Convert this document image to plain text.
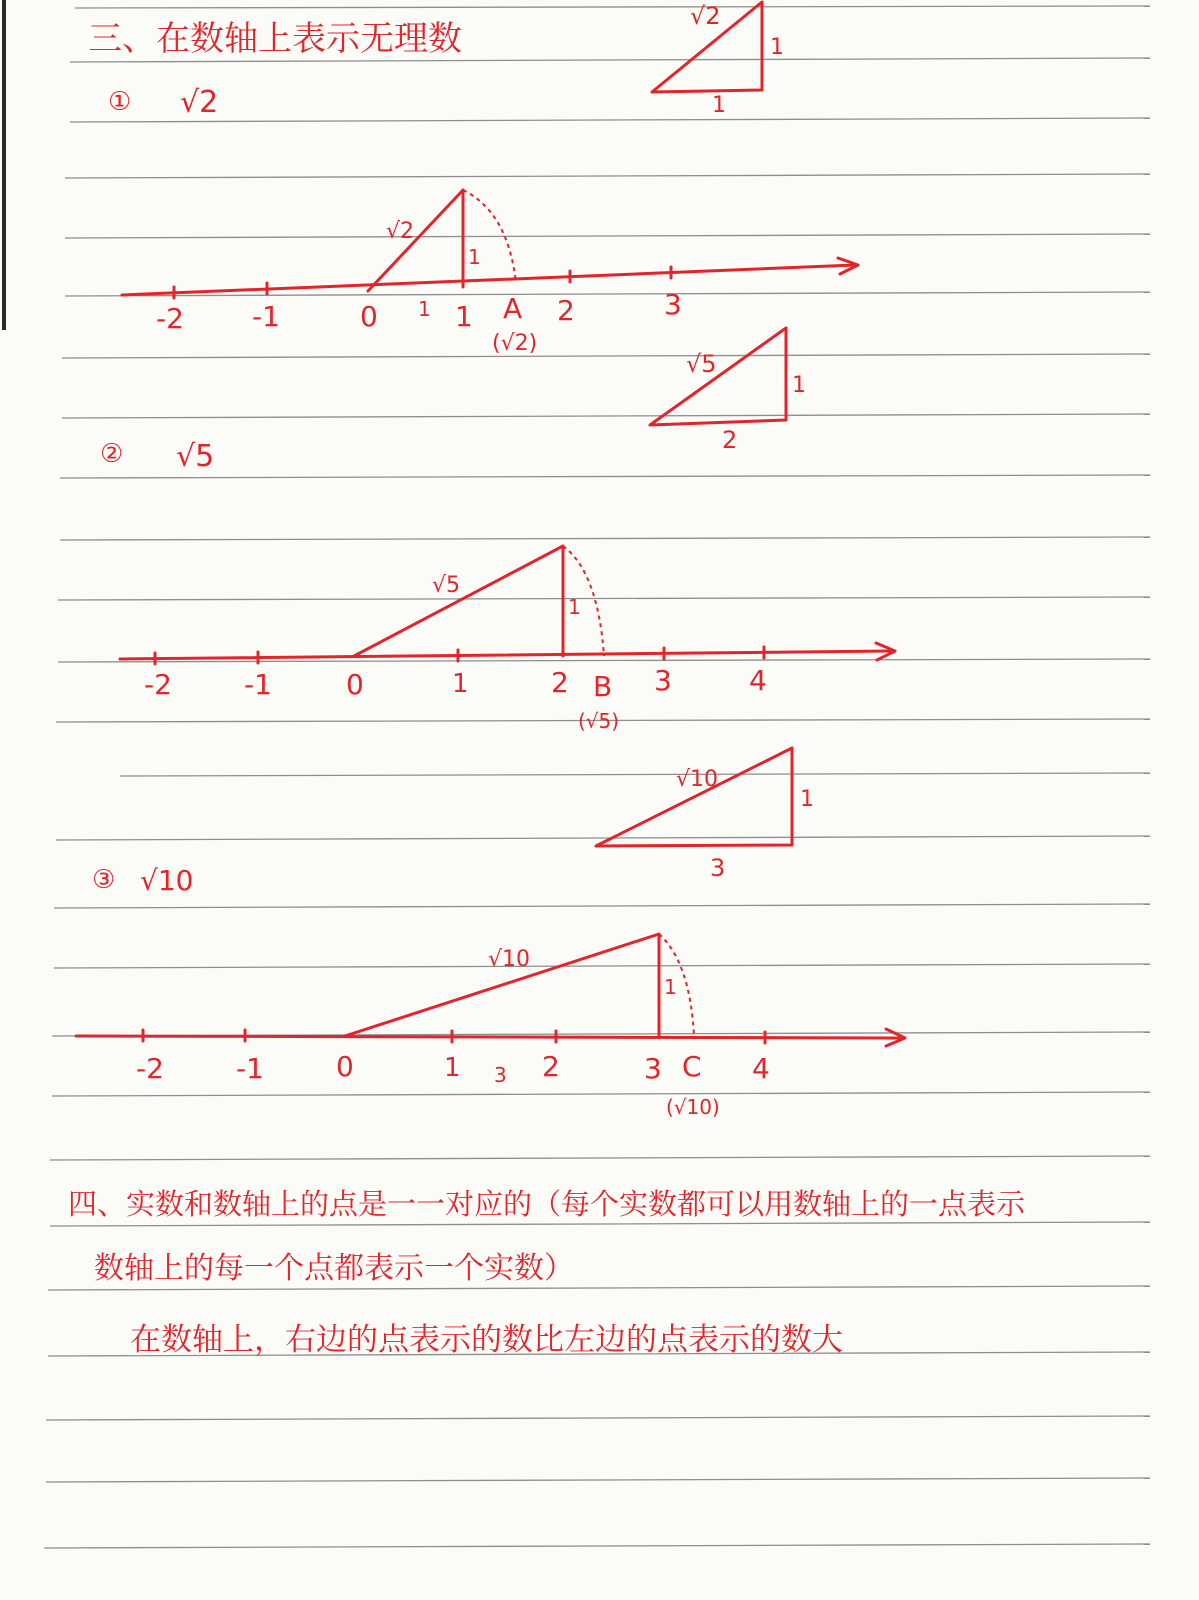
三、在数轴上表示无理数
① √2
② √5
③ √10
√2
1
1
√5
1
2
√10
1
3
-2 -1	0 1 1 A 2	3
√2
1
(√2)
-2	-1	0	1	2 B 3	4
√5
1
(√5)
-2	-1	0	1 3 2	3 C 4
√10
1
(√10)
四、实数和数轴上的点是一一对应的（每个实数都可以用数轴上的一点表示
数轴上的每一个点都表示一个实数）
在数轴上，右边的点表示的数比左边的点表示的数大
